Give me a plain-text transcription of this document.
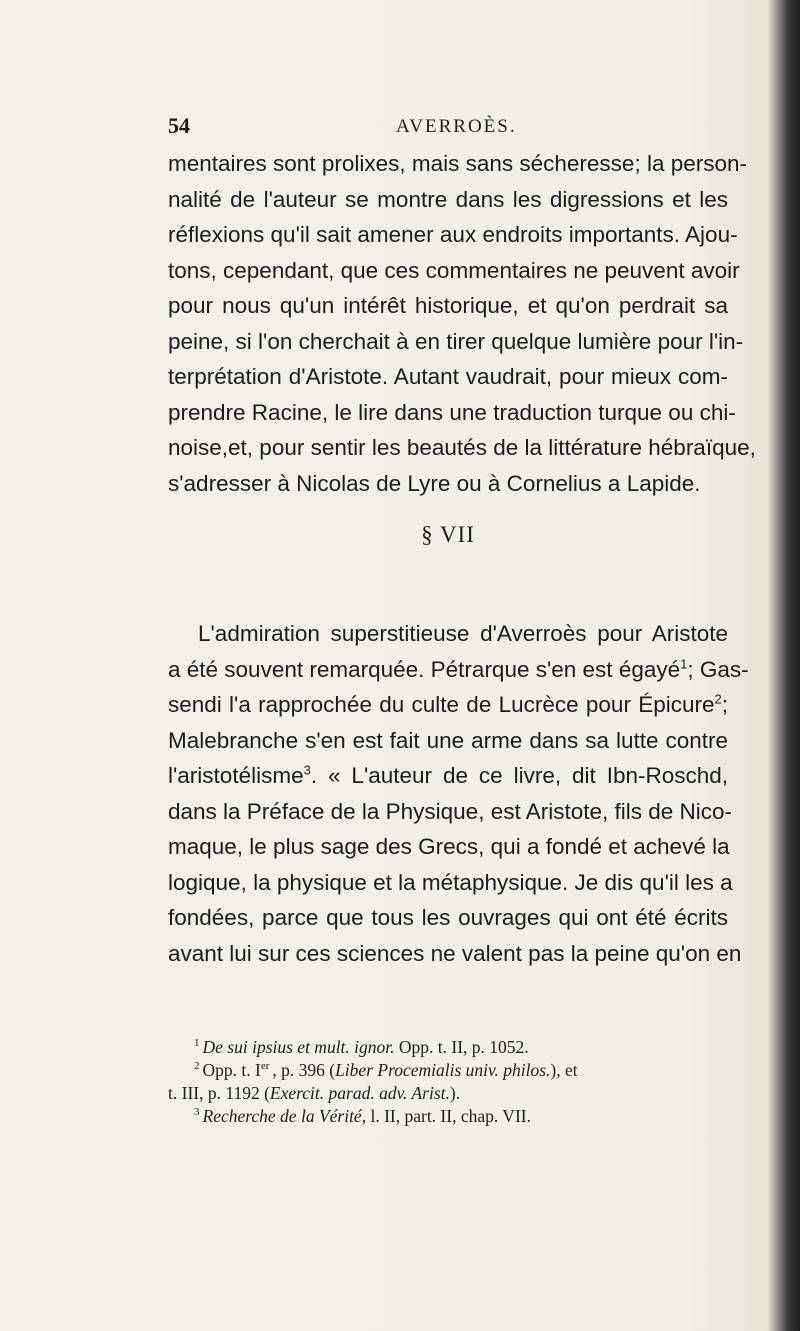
54	AVERROÈS.
mentaires sont prolixes, mais sans sécheresse; la person-
nalité de l'auteur se montre dans les digressions et les
réflexions qu'il sait amener aux endroits importants. Ajou-
tons, cependant, que ces commentaires ne peuvent avoir
pour nous qu'un intérêt historique, et qu'on perdrait sa
peine, si l'on cherchait à en tirer quelque lumière pour l'in-
terprétation d'Aristote. Autant vaudrait, pour mieux com-
prendre Racine, le lire dans une traduction turque ou chi-
noise,et, pour sentir les beautés de la littérature hébraïque,
s'adresser à Nicolas de Lyre ou à Cornelius a Lapide.
§ VII
L'admiration superstitieuse d'Averroès pour Aristote
a été souvent remarquée. Pétrarque s'en est égayé$^1$; Gas-
sendi l'a rapprochée du culte de Lucrèce pour Épicure$^2$;
Malebranche s'en est fait une arme dans sa lutte contre
l'aristotélisme$^3$. « L'auteur de ce livre, dit Ibn-Roschd,
dans la Préface de la Physique, est Aristote, fils de Nico-
maque, le plus sage des Grecs, qui a fondé et achevé la
logique, la physique et la métaphysique. Je dis qu'il les a
fondées, parce que tous les ouvrages qui ont été écrits
avant lui sur ces sciences ne valent pas la peine qu'on en
$^1$ De sui ipsius et mult. ignor. Opp. t. II, p. 1052.
$^2$ Opp. t. Ier , p. 396 (Liber Procemialis univ. philos.), et
t. III, p. 1192 (Exercit. parad. adv. Arist.).
$^3$ Recherche de la Vérité, l. II, part. II, chap. VII.
